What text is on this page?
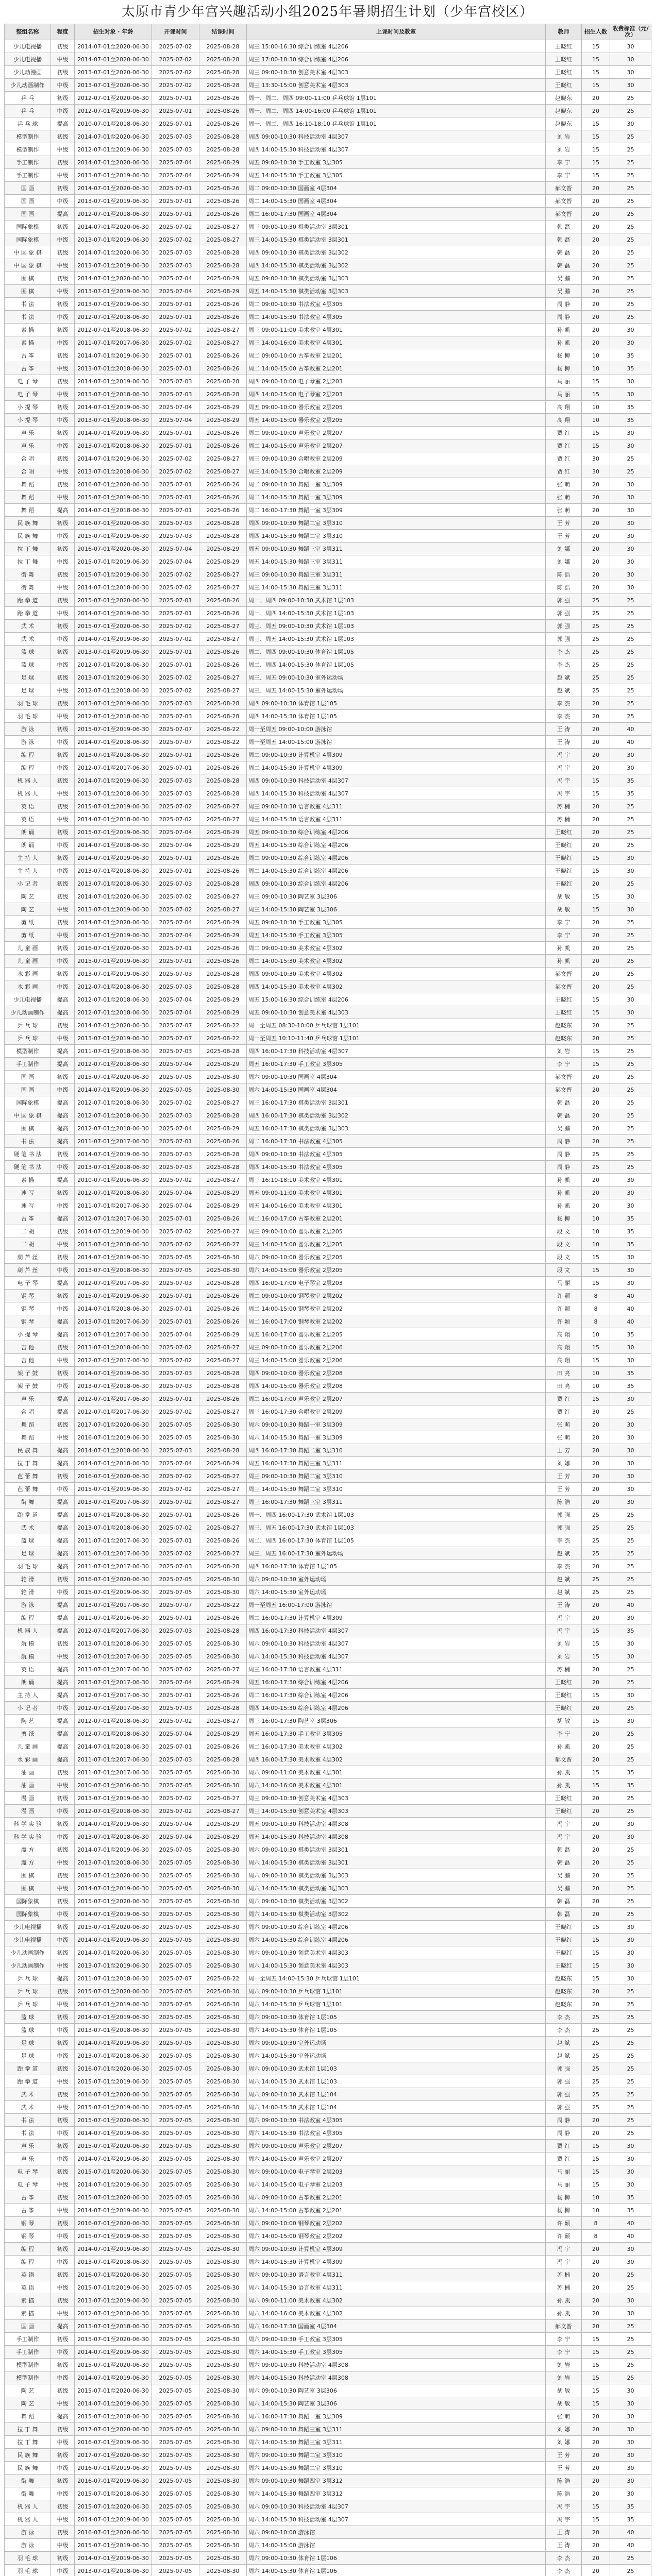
太原市青少年宫兴趣活动小组2025年暑期招生计划（少年宫校区）
整组名称	程度	招生对象 · 年龄	开课时间	结课时间	上课时间及教室	教师	招生人数	收费标准（元/次）
少儿电视播	初级	2014-07-01至2020-06-30	2025-07-02	2025-08-28	周三 15:00-16:30 综合训练室 4层206	王晓红	15	30
少儿电视播	中级	2014-07-01至2020-06-30	2025-07-02	2025-08-28	周三 17:00-18:30 综合训练室 4层206	王晓红	15	30
少儿动漫画	初级	2013-07-01至2020-06-30	2025-07-02	2025-08-28	周三 09:00-10:30 创意美术室 4层303	王晓红	15	30
少儿动画制作	中级	2013-07-01至2020-06-30	2025-07-02	2025-08-28	周三 13:30-15:00 创意美术室 4层303	王晓红	15	30
乒 乓	初级	2012-07-01至2020-06-30	2025-07-01	2025-08-26	周一、周二、周四 09:00-11:00 乒乓球馆 1层101	赵晓东	20	25
乒 乓	中级	2012-07-01至2019-06-30	2025-07-01	2025-08-26	周一、周二、周四 14:00-16:00 乒乓球馆 1层101	赵晓东	20	25
乒 乓 球	提高	2010-07-01至2018-06-30	2025-07-01	2025-08-26	周一、周二、周四 16:10-18:10 乒乓球馆 1层101	赵晓东	15	30
模型制作	初级	2014-07-01至2020-06-30	2025-07-03	2025-08-28	周四 09:00-10:30 科技活动室 4层307	刘 岩	15	25
模型制作	中级	2012-07-01至2019-06-30	2025-07-03	2025-08-28	周四 14:00-15:30 科技活动室 4层307	刘 岩	15	25
手工制作	初级	2014-07-01至2020-06-30	2025-07-04	2025-08-29	周五 09:00-10:30 手工教室 3层305	李 宁	15	25
手工制作	中级	2013-07-01至2019-06-30	2025-07-04	2025-08-29	周五 14:00-15:30 手工教室 3层305	李 宁	15	25
国 画	初级	2014-07-01至2020-06-30	2025-07-01	2025-08-26	周二 09:00-10:30 国画室 4层304	郝文晋	20	25
国 画	中级	2013-07-01至2019-06-30	2025-07-01	2025-08-26	周二 14:00-15:30 国画室 4层304	郝文晋	20	25
国 画	提高	2012-07-01至2018-06-30	2025-07-01	2025-08-26	周二 16:00-17:30 国画室 4层304	郝文晋	20	25
国际象棋	初级	2014-07-01至2020-06-30	2025-07-02	2025-08-27	周三 09:00-10:30 棋类活动室 3层301	韩 磊	20	25
国际象棋	中级	2013-07-01至2019-06-30	2025-07-02	2025-08-27	周三 14:00-15:30 棋类活动室 3层301	韩 磊	20	25
中 国 象 棋	初级	2014-07-01至2020-06-30	2025-07-03	2025-08-28	周四 09:00-10:30 棋类活动室 3层302	韩 磊	20	25
中 国 象 棋	中级	2013-07-01至2019-06-30	2025-07-03	2025-08-28	周四 14:00-15:30 棋类活动室 3层302	韩 磊	20	25
围 棋	初级	2014-07-01至2020-06-30	2025-07-04	2025-08-29	周五 09:00-10:30 棋类活动室 3层303	吴 鹏	20	25
围 棋	中级	2013-07-01至2019-06-30	2025-07-04	2025-08-29	周五 14:00-15:30 棋类活动室 3层303	吴 鹏	20	25
书 法	初级	2013-07-01至2019-06-30	2025-07-01	2025-08-26	周二 09:00-10:30 书法教室 4层305	周 静	20	25
书 法	中级	2012-07-01至2018-06-30	2025-07-01	2025-08-26	周二 14:00-15:30 书法教室 4层305	周 静	20	25
素 描	初级	2012-07-01至2018-06-30	2025-07-02	2025-08-27	周三 09:00-11:00 美术教室 4层301	孙 凯	20	30
素 描	中级	2011-07-01至2017-06-30	2025-07-02	2025-08-27	周三 14:00-16:00 美术教室 4层301	孙 凯	20	30
古 筝	初级	2014-07-01至2019-06-30	2025-07-01	2025-08-26	周二 09:00-10:00 古筝教室 2层201	杨 柳	10	35
古 筝	中级	2013-07-01至2018-06-30	2025-07-01	2025-08-26	周二 14:00-15:00 古筝教室 2层201	杨 柳	10	35
电 子 琴	初级	2014-07-01至2019-06-30	2025-07-03	2025-08-28	周四 09:00-10:00 电子琴室 2层203	马 丽	15	30
电 子 琴	中级	2013-07-01至2018-06-30	2025-07-03	2025-08-28	周四 14:00-15:00 电子琴室 2层203	马 丽	15	30
小 提 琴	初级	2014-07-01至2019-06-30	2025-07-04	2025-08-29	周五 09:00-10:00 器乐教室 2层205	高 翔	10	35
小 提 琴	中级	2013-07-01至2018-06-30	2025-07-04	2025-08-29	周五 14:00-15:00 器乐教室 2层205	高 翔	10	35
声 乐	初级	2014-07-01至2019-06-30	2025-07-01	2025-08-26	周二 09:00-10:00 声乐教室 2层207	贾 红	15	30
声 乐	中级	2013-07-01至2018-06-30	2025-07-01	2025-08-26	周二 14:00-15:00 声乐教室 2层207	贾 红	15	30
合 唱	初级	2014-07-01至2019-06-30	2025-07-02	2025-08-27	周三 09:00-10:30 合唱教室 2层209	贾 红	30	25
合 唱	中级	2013-07-01至2018-06-30	2025-07-02	2025-08-27	周三 14:00-15:30 合唱教室 2层209	贾 红	30	25
舞 蹈	初级	2016-07-01至2020-06-30	2025-07-01	2025-08-26	周二 09:00-10:30 舞蹈一室 3层309	张 萌	20	30
舞 蹈	中级	2015-07-01至2019-06-30	2025-07-01	2025-08-26	周二 14:00-15:30 舞蹈一室 3层309	张 萌	20	30
舞 蹈	提高	2014-07-01至2018-06-30	2025-07-01	2025-08-26	周二 16:00-17:30 舞蹈一室 3层309	张 萌	20	30
民 族 舞	初级	2016-07-01至2020-06-30	2025-07-03	2025-08-28	周四 09:00-10:30 舞蹈二室 3层310	王 芳	20	30
民 族 舞	中级	2015-07-01至2019-06-30	2025-07-03	2025-08-28	周四 14:00-15:30 舞蹈二室 3层310	王 芳	20	30
拉 丁 舞	初级	2016-07-01至2020-06-30	2025-07-04	2025-08-29	周五 09:00-10:30 舞蹈三室 3层311	刘 娜	20	30
拉 丁 舞	中级	2015-07-01至2019-06-30	2025-07-04	2025-08-29	周五 14:00-15:30 舞蹈三室 3层311	刘 娜	20	30
街 舞	初级	2015-07-01至2019-06-30	2025-07-02	2025-08-27	周三 09:00-10:30 舞蹈三室 3层311	陈 浩	20	30
街 舞	中级	2014-07-01至2018-06-30	2025-07-02	2025-08-27	周三 14:00-15:30 舞蹈三室 3层311	陈 浩	20	30
跆 拳 道	初级	2015-07-01至2020-06-30	2025-07-01	2025-08-26	周一、周四 09:00-10:30 武术馆 1层103	郭 强	25	25
跆 拳 道	中级	2014-07-01至2019-06-30	2025-07-01	2025-08-26	周一、周四 14:00-15:30 武术馆 1层103	郭 强	25	25
武 术	初级	2015-07-01至2020-06-30	2025-07-02	2025-08-27	周三、周五 09:00-10:30 武术馆 1层103	郭 强	25	25
武 术	中级	2014-07-01至2019-06-30	2025-07-02	2025-08-27	周三、周五 14:00-15:30 武术馆 1层103	郭 强	25	25
篮 球	初级	2013-07-01至2019-06-30	2025-07-01	2025-08-26	周二、周四 09:00-10:30 体育馆 1层105	李 杰	25	25
篮 球	中级	2012-07-01至2018-06-30	2025-07-01	2025-08-26	周二、周四 14:00-15:30 体育馆 1层105	李 杰	25	25
足 球	初级	2013-07-01至2019-06-30	2025-07-02	2025-08-27	周三、周五 09:00-10:30 室外运动场	赵 斌	25	25
足 球	中级	2012-07-01至2018-06-30	2025-07-02	2025-08-27	周三、周五 14:00-15:30 室外运动场	赵 斌	25	25
羽 毛 球	初级	2013-07-01至2019-06-30	2025-07-03	2025-08-28	周四 09:00-10:30 体育馆 1层105	李 杰	20	25
羽 毛 球	中级	2012-07-01至2018-06-30	2025-07-03	2025-08-28	周四 14:00-15:30 体育馆 1层105	李 杰	20	25
游 泳	初级	2015-07-01至2019-06-30	2025-07-07	2025-08-22	周一至周五 09:00-10:00 游泳馆	王 涛	20	40
游 泳	中级	2014-07-01至2018-06-30	2025-07-07	2025-08-22	周一至周五 14:00-15:00 游泳馆	王 涛	20	40
编 程	初级	2013-07-01至2018-06-30	2025-07-01	2025-08-26	周二 09:00-10:30 计算机室 4层309	冯 宇	20	30
编 程	中级	2012-07-01至2017-06-30	2025-07-01	2025-08-26	周二 14:00-15:30 计算机室 4层309	冯 宇	20	30
机 器 人	初级	2014-07-01至2019-06-30	2025-07-03	2025-08-28	周四 09:00-10:30 科技活动室 4层307	冯 宇	15	35
机 器 人	中级	2013-07-01至2018-06-30	2025-07-03	2025-08-28	周四 14:00-15:30 科技活动室 4层307	冯 宇	15	35
英 语	初级	2015-07-01至2019-06-30	2025-07-02	2025-08-27	周三 09:00-10:30 语言教室 4层311	苏 楠	20	25
英 语	中级	2014-07-01至2018-06-30	2025-07-02	2025-08-27	周三 14:00-15:30 语言教室 4层311	苏 楠	20	25
朗 诵	初级	2015-07-01至2019-06-30	2025-07-04	2025-08-29	周五 09:00-10:30 综合训练室 4层206	王晓红	20	25
朗 诵	中级	2014-07-01至2018-06-30	2025-07-04	2025-08-29	周五 14:00-15:30 综合训练室 4层206	王晓红	20	25
主 持 人	初级	2014-07-01至2019-06-30	2025-07-01	2025-08-26	周二 09:00-10:30 综合训练室 4层206	王晓红	15	30
主 持 人	中级	2013-07-01至2018-06-30	2025-07-01	2025-08-26	周二 14:00-15:30 综合训练室 4层206	王晓红	15	30
小 记 者	初级	2013-07-01至2018-06-30	2025-07-03	2025-08-28	周四 09:00-10:30 综合训练室 4层206	王晓红	20	25
陶 艺	初级	2014-07-01至2020-06-30	2025-07-02	2025-08-27	周三 09:00-10:30 陶艺室 3层306	胡 敏	15	30
陶 艺	中级	2013-07-01至2019-06-30	2025-07-02	2025-08-27	周三 14:00-15:30 陶艺室 3层306	胡 敏	15	30
剪 纸	初级	2014-07-01至2020-06-30	2025-07-04	2025-08-29	周五 09:00-10:30 手工教室 3层305	李 宁	20	25
剪 纸	中级	2013-07-01至2019-06-30	2025-07-04	2025-08-29	周五 14:00-15:30 手工教室 3层305	李 宁	20	25
儿 童 画	初级	2016-07-01至2020-06-30	2025-07-01	2025-08-26	周二 09:00-10:30 美术教室 4层302	孙 凯	20	25
儿 童 画	中级	2015-07-01至2019-06-30	2025-07-01	2025-08-26	周二 14:00-15:30 美术教室 4层302	孙 凯	20	25
水 彩 画	初级	2013-07-01至2019-06-30	2025-07-03	2025-08-28	周四 09:00-10:30 美术教室 4层302	郝文晋	20	25
水 彩 画	中级	2012-07-01至2018-06-30	2025-07-03	2025-08-28	周四 14:00-15:30 美术教室 4层302	郝文晋	20	25
少儿电视播	提高	2012-07-01至2018-06-30	2025-07-04	2025-08-29	周五 15:00-16:30 综合训练室 4层206	王晓红	15	30
少儿动画制作	提高	2012-07-01至2018-06-30	2025-07-04	2025-08-29	周五 09:00-10:30 创意美术室 4层303	王晓红	15	30
乒 乓 球	初级	2014-07-01至2020-06-30	2025-07-07	2025-08-22	周一至周五 08:30-10:00 乒乓球馆 1层101	赵晓东	20	25
乒 乓 球	中级	2013-07-01至2019-06-30	2025-07-07	2025-08-22	周一至周五 10:10-11:40 乒乓球馆 1层101	赵晓东	20	25
模型制作	提高	2011-07-01至2018-06-30	2025-07-03	2025-08-28	周四 16:00-17:30 科技活动室 4层307	刘 岩	15	25
手工制作	提高	2012-07-01至2018-06-30	2025-07-04	2025-08-29	周五 16:00-17:30 手工教室 3层305	李 宁	15	25
国 画	初级	2015-07-01至2020-06-30	2025-07-05	2025-08-30	周六 09:00-10:30 国画室 4层304	郝文晋	20	25
国 画	中级	2014-07-01至2019-06-30	2025-07-05	2025-08-30	周六 14:00-15:30 国画室 4层304	郝文晋	20	25
国际象棋	提高	2012-07-01至2018-06-30	2025-07-02	2025-08-27	周三 16:00-17:30 棋类活动室 3层301	韩 磊	20	25
中 国 象 棋	提高	2012-07-01至2018-06-30	2025-07-03	2025-08-28	周四 16:00-17:30 棋类活动室 3层302	韩 磊	20	25
围 棋	提高	2012-07-01至2018-06-30	2025-07-04	2025-08-29	周五 16:00-17:30 棋类活动室 3层303	吴 鹏	20	25
书 法	提高	2011-07-01至2017-06-30	2025-07-01	2025-08-26	周二 16:00-17:30 书法教室 4层305	周 静	20	25
硬 笔 书 法	初级	2014-07-01至2019-06-30	2025-07-03	2025-08-28	周四 09:00-10:30 书法教室 4层305	周 静	25	25
硬 笔 书 法	中级	2013-07-01至2018-06-30	2025-07-03	2025-08-28	周四 14:00-15:30 书法教室 4层305	周 静	25	25
素 描	提高	2010-07-01至2016-06-30	2025-07-02	2025-08-27	周三 16:10-18:10 美术教室 4层301	孙 凯	20	30
速 写	初级	2012-07-01至2018-06-30	2025-07-04	2025-08-29	周五 09:00-11:00 美术教室 4层301	孙 凯	20	30
速 写	中级	2011-07-01至2017-06-30	2025-07-04	2025-08-29	周五 14:00-16:00 美术教室 4层301	孙 凯	20	30
古 筝	提高	2012-07-01至2017-06-30	2025-07-01	2025-08-26	周二 16:00-17:00 古筝教室 2层201	杨 柳	10	35
二 胡	初级	2014-07-01至2019-06-30	2025-07-02	2025-08-27	周三 09:00-10:00 器乐教室 2层205	段 文	10	35
二 胡	中级	2013-07-01至2018-06-30	2025-07-02	2025-08-27	周三 14:00-15:00 器乐教室 2层205	段 文	10	35
葫 芦 丝	初级	2014-07-01至2019-06-30	2025-07-05	2025-08-30	周六 09:00-10:00 器乐教室 2层205	段 文	15	30
葫 芦 丝	中级	2013-07-01至2018-06-30	2025-07-05	2025-08-30	周六 14:00-15:00 器乐教室 2层205	段 文	15	30
电 子 琴	提高	2012-07-01至2017-06-30	2025-07-03	2025-08-28	周四 16:00-17:00 电子琴室 2层203	马 丽	15	30
钢 琴	初级	2015-07-01至2019-06-30	2025-07-01	2025-08-26	周二 09:00-10:00 钢琴教室 2层202	许 颖	8	40
钢 琴	中级	2014-07-01至2018-06-30	2025-07-01	2025-08-26	周二 14:00-15:00 钢琴教室 2层202	许 颖	8	40
钢 琴	提高	2013-07-01至2017-06-30	2025-07-01	2025-08-26	周二 16:00-17:00 钢琴教室 2层202	许 颖	8	40
小 提 琴	提高	2012-07-01至2017-06-30	2025-07-04	2025-08-29	周五 16:00-17:00 器乐教室 2层205	高 翔	10	35
吉 他	初级	2013-07-01至2018-06-30	2025-07-02	2025-08-27	周三 09:00-10:00 器乐教室 2层206	高 翔	15	30
吉 他	中级	2012-07-01至2017-06-30	2025-07-02	2025-08-27	周三 14:00-15:00 器乐教室 2层206	高 翔	15	30
架 子 鼓	初级	2014-07-01至2019-06-30	2025-07-03	2025-08-28	周四 09:00-10:00 器乐教室 2层208	田 亮	10	35
架 子 鼓	中级	2013-07-01至2018-06-30	2025-07-03	2025-08-28	周四 14:00-15:00 器乐教室 2层208	田 亮	10	35
声 乐	提高	2012-07-01至2017-06-30	2025-07-01	2025-08-26	周二 16:00-17:00 声乐教室 2层207	贾 红	15	30
合 唱	提高	2012-07-01至2017-06-30	2025-07-02	2025-08-27	周三 16:00-17:30 合唱教室 2层209	贾 红	30	25
舞 蹈	初级	2017-07-01至2020-06-30	2025-07-05	2025-08-30	周六 09:00-10:30 舞蹈一室 3层309	张 萌	20	30
舞 蹈	中级	2016-07-01至2019-06-30	2025-07-05	2025-08-30	周六 14:00-15:30 舞蹈一室 3层309	张 萌	20	30
民 族 舞	提高	2014-07-01至2018-06-30	2025-07-03	2025-08-28	周四 16:00-17:30 舞蹈二室 3层310	王 芳	20	30
拉 丁 舞	提高	2014-07-01至2018-06-30	2025-07-04	2025-08-29	周五 16:00-17:30 舞蹈三室 3层311	刘 娜	20	30
芭 蕾 舞	初级	2016-07-01至2020-06-30	2025-07-02	2025-08-27	周三 09:00-10:30 舞蹈二室 3层310	王 芳	20	30
芭 蕾 舞	中级	2015-07-01至2019-06-30	2025-07-02	2025-08-27	周三 14:00-15:30 舞蹈二室 3层310	王 芳	20	30
街 舞	提高	2013-07-01至2017-06-30	2025-07-02	2025-08-27	周三 16:00-17:30 舞蹈三室 3层311	陈 浩	20	30
跆 拳 道	提高	2013-07-01至2018-06-30	2025-07-01	2025-08-26	周一、周四 16:00-17:30 武术馆 1层103	郭 强	25	25
武 术	提高	2013-07-01至2018-06-30	2025-07-02	2025-08-27	周三、周五 16:00-17:30 武术馆 1层103	郭 强	25	25
篮 球	提高	2011-07-01至2017-06-30	2025-07-01	2025-08-26	周二、周四 16:00-17:30 体育馆 1层105	李 杰	25	25
足 球	提高	2011-07-01至2017-06-30	2025-07-02	2025-08-27	周三、周五 16:00-17:30 室外运动场	赵 斌	25	25
羽 毛 球	提高	2011-07-01至2017-06-30	2025-07-03	2025-08-28	周四 16:00-17:30 体育馆 1层105	李 杰	20	25
轮 滑	初级	2016-07-01至2020-06-30	2025-07-05	2025-08-30	周六 09:00-10:30 室外运动场	赵 斌	25	25
轮 滑	中级	2015-07-01至2019-06-30	2025-07-05	2025-08-30	周六 14:00-15:30 室外运动场	赵 斌	25	25
游 泳	提高	2013-07-01至2017-06-30	2025-07-07	2025-08-22	周一至周五 16:00-17:00 游泳馆	王 涛	20	40
编 程	提高	2011-07-01至2016-06-30	2025-07-01	2025-08-26	周二 16:00-17:30 计算机室 4层309	冯 宇	20	30
机 器 人	提高	2012-07-01至2017-06-30	2025-07-03	2025-08-28	周四 16:00-17:30 科技活动室 4层307	冯 宇	15	35
航 模	初级	2013-07-01至2018-06-30	2025-07-05	2025-08-30	周六 09:00-10:30 科技活动室 4层307	刘 岩	15	30
航 模	中级	2012-07-01至2017-06-30	2025-07-05	2025-08-30	周六 14:00-15:30 科技活动室 4层307	刘 岩	15	30
英 语	提高	2013-07-01至2017-06-30	2025-07-02	2025-08-27	周三 16:00-17:30 语言教室 4层311	苏 楠	20	25
朗 诵	提高	2013-07-01至2017-06-30	2025-07-04	2025-08-29	周五 16:00-17:30 综合训练室 4层206	王晓红	20	25
主 持 人	提高	2012-07-01至2017-06-30	2025-07-01	2025-08-26	周二 16:00-17:30 综合训练室 4层206	王晓红	15	30
小 记 者	中级	2012-07-01至2017-06-30	2025-07-03	2025-08-28	周四 14:00-15:30 综合训练室 4层206	王晓红	20	25
陶 艺	提高	2012-07-01至2018-06-30	2025-07-02	2025-08-27	周三 16:00-17:30 陶艺室 3层306	胡 敏	15	30
剪 纸	提高	2012-07-01至2018-06-30	2025-07-04	2025-08-29	周五 16:00-17:30 手工教室 3层305	李 宁	20	25
儿 童 画	提高	2014-07-01至2018-06-30	2025-07-01	2025-08-26	周二 16:00-17:30 美术教室 4层302	孙 凯	20	25
水 彩 画	提高	2011-07-01至2017-06-30	2025-07-03	2025-08-28	周四 16:00-17:30 美术教室 4层302	郝文晋	20	25
油 画	初级	2011-07-01至2017-06-30	2025-07-05	2025-08-30	周六 09:00-11:00 美术教室 4层301	孙 凯	15	35
油 画	中级	2010-07-01至2016-06-30	2025-07-05	2025-08-30	周六 14:00-16:00 美术教室 4层301	孙 凯	15	35
漫 画	初级	2013-07-01至2019-06-30	2025-07-02	2025-08-27	周三 09:00-10:30 创意美术室 4层303	王晓红	20	25
漫 画	中级	2012-07-01至2018-06-30	2025-07-02	2025-08-27	周三 14:00-15:30 创意美术室 4层303	王晓红	20	25
科 学 实 验	初级	2014-07-01至2019-06-30	2025-07-04	2025-08-29	周五 09:00-10:30 科技活动室 4层308	冯 宇	20	30
科 学 实 验	中级	2013-07-01至2018-06-30	2025-07-04	2025-08-29	周五 14:00-15:30 科技活动室 4层308	冯 宇	20	30
魔 方	初级	2014-07-01至2019-06-30	2025-07-05	2025-08-30	周六 09:00-10:30 棋类活动室 3层301	韩 磊	20	25
魔 方	中级	2013-07-01至2018-06-30	2025-07-05	2025-08-30	周六 14:00-15:30 棋类活动室 3层301	韩 磊	20	25
围 棋	初级	2015-07-01至2020-06-30	2025-07-05	2025-08-30	周六 09:00-10:30 棋类活动室 3层303	吴 鹏	20	25
围 棋	中级	2014-07-01至2019-06-30	2025-07-05	2025-08-30	周六 14:00-15:30 棋类活动室 3层303	吴 鹏	20	25
国际象棋	初级	2015-07-01至2020-06-30	2025-07-05	2025-08-30	周六 09:00-10:30 棋类活动室 3层302	韩 磊	20	25
国际象棋	中级	2014-07-01至2019-06-30	2025-07-05	2025-08-30	周六 14:00-15:30 棋类活动室 3层302	韩 磊	20	25
少儿电视播	初级	2015-07-01至2020-06-30	2025-07-05	2025-08-30	周六 09:00-10:30 综合训练室 4层206	王晓红	15	30
少儿电视播	中级	2014-07-01至2019-06-30	2025-07-05	2025-08-30	周六 14:00-15:30 综合训练室 4层206	王晓红	15	30
少儿动画制作	初级	2014-07-01至2020-06-30	2025-07-05	2025-08-30	周六 09:00-10:30 创意美术室 4层303	王晓红	15	30
少儿动画制作	中级	2013-07-01至2019-06-30	2025-07-05	2025-08-30	周六 14:00-15:30 创意美术室 4层303	王晓红	15	30
乒 乓 球	提高	2011-07-01至2018-06-30	2025-07-07	2025-08-22	周一至周五 14:00-15:30 乒乓球馆 1层101	赵晓东	15	30
乒 乓 球	初级	2015-07-01至2020-06-30	2025-07-05	2025-08-30	周六 09:00-10:30 乒乓球馆 1层101	赵晓东	20	25
乒 乓 球	中级	2014-07-01至2019-06-30	2025-07-05	2025-08-30	周六 14:00-15:30 乒乓球馆 1层101	赵晓东	20	25
篮 球	初级	2014-07-01至2019-06-30	2025-07-05	2025-08-30	周六 09:00-10:30 体育馆 1层105	李 杰	25	25
篮 球	中级	2013-07-01至2018-06-30	2025-07-05	2025-08-30	周六 14:00-15:30 体育馆 1层105	李 杰	25	25
足 球	初级	2014-07-01至2019-06-30	2025-07-05	2025-08-30	周六 09:00-10:30 室外运动场	赵 斌	25	25
足 球	中级	2013-07-01至2018-06-30	2025-07-05	2025-08-30	周六 14:00-15:30 室外运动场	赵 斌	25	25
跆 拳 道	初级	2016-07-01至2020-06-30	2025-07-05	2025-08-30	周六 09:00-10:30 武术馆 1层103	郭 强	25	25
跆 拳 道	中级	2015-07-01至2019-06-30	2025-07-05	2025-08-30	周六 14:00-15:30 武术馆 1层103	郭 强	25	25
武 术	初级	2016-07-01至2020-06-30	2025-07-05	2025-08-30	周六 09:00-10:30 武术馆 1层104	郭 强	25	25
武 术	中级	2015-07-01至2019-06-30	2025-07-05	2025-08-30	周六 14:00-15:30 武术馆 1层104	郭 强	25	25
书 法	初级	2015-07-01至2020-06-30	2025-07-05	2025-08-30	周六 09:00-10:30 书法教室 4层305	周 静	20	25
书 法	中级	2014-07-01至2019-06-30	2025-07-05	2025-08-30	周六 14:00-15:30 书法教室 4层305	周 静	20	25
声 乐	初级	2015-07-01至2020-06-30	2025-07-05	2025-08-30	周六 09:00-10:00 声乐教室 2层207	贾 红	15	30
声 乐	中级	2014-07-01至2019-06-30	2025-07-05	2025-08-30	周六 14:00-15:00 声乐教室 2层207	贾 红	15	30
电 子 琴	初级	2015-07-01至2020-06-30	2025-07-05	2025-08-30	周六 09:00-10:00 电子琴室 2层203	马 丽	15	30
电 子 琴	中级	2014-07-01至2019-06-30	2025-07-05	2025-08-30	周六 14:00-15:00 电子琴室 2层203	马 丽	15	30
古 筝	初级	2015-07-01至2020-06-30	2025-07-05	2025-08-30	周六 09:00-10:00 古筝教室 2层201	杨 柳	10	35
古 筝	中级	2014-07-01至2019-06-30	2025-07-05	2025-08-30	周六 14:00-15:00 古筝教室 2层201	杨 柳	10	35
钢 琴	初级	2016-07-01至2020-06-30	2025-07-05	2025-08-30	周六 09:00-10:00 钢琴教室 2层202	许 颖	8	40
钢 琴	中级	2015-07-01至2019-06-30	2025-07-05	2025-08-30	周六 14:00-15:00 钢琴教室 2层202	许 颖	8	40
编 程	初级	2014-07-01至2019-06-30	2025-07-05	2025-08-30	周六 09:00-10:30 计算机室 4层309	冯 宇	20	30
编 程	中级	2013-07-01至2018-06-30	2025-07-05	2025-08-30	周六 14:00-15:30 计算机室 4层309	冯 宇	20	30
英 语	初级	2016-07-01至2020-06-30	2025-07-05	2025-08-30	周六 09:00-10:30 语言教室 4层311	苏 楠	20	25
英 语	中级	2015-07-01至2019-06-30	2025-07-05	2025-08-30	周六 14:00-15:30 语言教室 4层311	苏 楠	20	25
素 描	初级	2013-07-01至2019-06-30	2025-07-05	2025-08-30	周六 09:00-11:00 美术教室 4层302	孙 凯	20	30
素 描	中级	2012-07-01至2018-06-30	2025-07-05	2025-08-30	周六 14:00-16:00 美术教室 4层302	孙 凯	20	30
国 画	提高	2013-07-01至2018-06-30	2025-07-05	2025-08-30	周六 16:00-17:30 国画室 4层304	郝文晋	20	25
手工制作	初级	2015-07-01至2020-06-30	2025-07-05	2025-08-30	周六 09:00-10:30 手工教室 3层305	李 宁	15	25
手工制作	中级	2014-07-01至2019-06-30	2025-07-05	2025-08-30	周六 14:00-15:30 手工教室 3层305	李 宁	15	25
模型制作	初级	2015-07-01至2020-06-30	2025-07-05	2025-08-30	周六 09:00-10:30 科技活动室 4层308	刘 岩	15	25
模型制作	中级	2014-07-01至2019-06-30	2025-07-05	2025-08-30	周六 14:00-15:30 科技活动室 4层308	刘 岩	15	25
陶 艺	初级	2015-07-01至2020-06-30	2025-07-05	2025-08-30	周六 09:00-10:30 陶艺室 3层306	胡 敏	15	30
陶 艺	中级	2014-07-01至2019-06-30	2025-07-05	2025-08-30	周六 14:00-15:30 陶艺室 3层306	胡 敏	15	30
舞 蹈	提高	2015-07-01至2018-06-30	2025-07-05	2025-08-30	周六 16:00-17:30 舞蹈一室 3层309	张 萌	20	30
拉 丁 舞	初级	2017-07-01至2020-06-30	2025-07-05	2025-08-30	周六 09:00-10:30 舞蹈三室 3层311	刘 娜	20	30
拉 丁 舞	中级	2016-07-01至2019-06-30	2025-07-05	2025-08-30	周六 14:00-15:30 舞蹈三室 3层311	刘 娜	20	30
民 族 舞	初级	2017-07-01至2020-06-30	2025-07-05	2025-08-30	周六 09:00-10:30 舞蹈二室 3层310	王 芳	20	30
民 族 舞	中级	2016-07-01至2019-06-30	2025-07-05	2025-08-30	周六 14:00-15:30 舞蹈二室 3层310	王 芳	20	30
街 舞	初级	2016-07-01至2019-06-30	2025-07-05	2025-08-30	周六 09:00-10:30 舞蹈四室 3层312	陈 浩	20	30
街 舞	中级	2015-07-01至2018-06-30	2025-07-05	2025-08-30	周六 14:00-15:30 舞蹈四室 3层312	陈 浩	20	30
机 器 人	初级	2015-07-01至2020-06-30	2025-07-05	2025-08-30	周六 09:00-10:30 科技活动室 4层307	冯 宇	15	35
机 器 人	中级	2014-07-01至2019-06-30	2025-07-05	2025-08-30	周六 14:00-15:30 科技活动室 4层307	冯 宇	15	35
游 泳	初级	2016-07-01至2020-06-30	2025-07-05	2025-08-30	周六 09:00-10:00 游泳馆	王 涛	20	40
游 泳	中级	2015-07-01至2019-06-30	2025-07-05	2025-08-30	周六 14:00-15:00 游泳馆	王 涛	20	40
羽 毛 球	初级	2014-07-01至2019-06-30	2025-07-05	2025-08-30	周六 09:00-10:30 体育馆 1层106	李 杰	20	25
羽 毛 球	中级	2013-07-01至2018-06-30	2025-07-05	2025-08-30	周六 14:00-15:30 体育馆 1层106	李 杰	20	25
